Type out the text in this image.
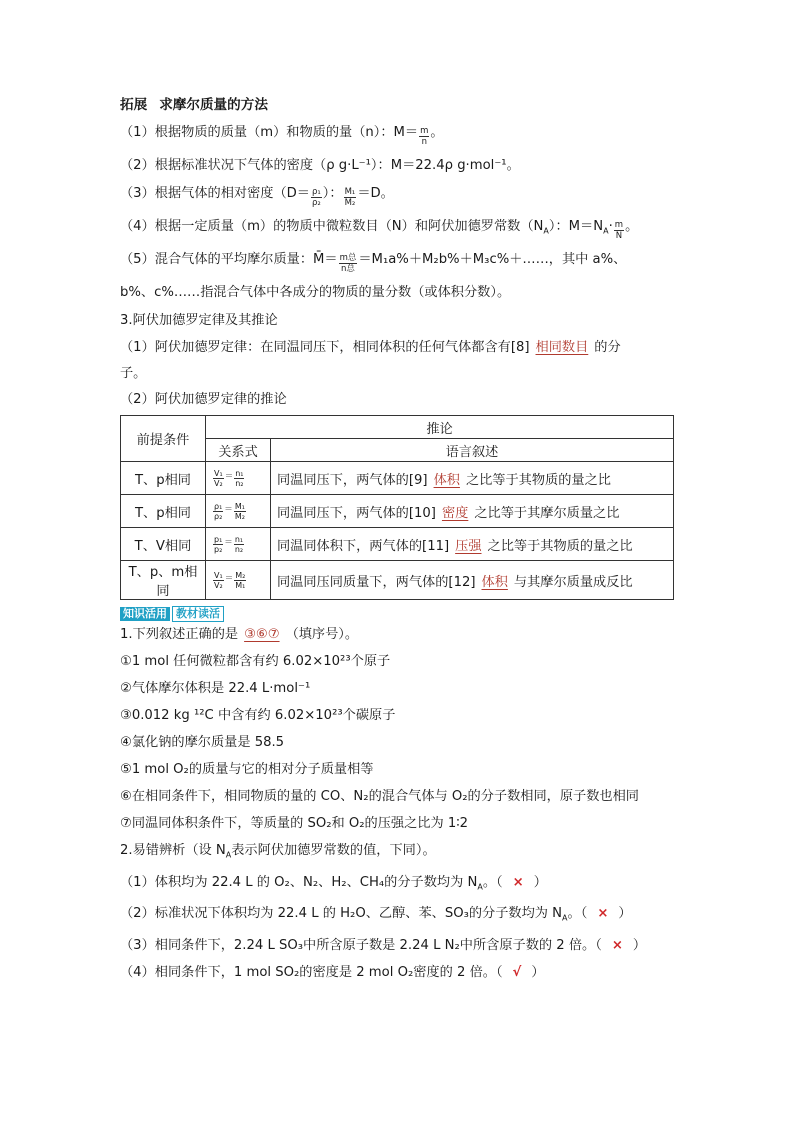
拓展 求摩尔质量的方法
（1）根据物质的质量（m）和物质的量（n）：$M= \frac{m}{n}$ 。
（2）根据标准状况下气体的密度（ρ g·L⁻¹）：M＝22.4ρ g·mol⁻¹。
（3）根据气体的相对密度（$D= \frac{\text{ρ₁}}{\text{ρ₂}}$ ）： $\frac{\text{M₁}}{\text{M₂}} =D$。
（4）根据一定质量（m）的物质中微粒数目（N）和阿伏加德罗常数$(N_A)$：$M=N_A\cdot \frac{m}{N}$ 。
（5）混合气体的平均摩尔质量：M̄＝ $\frac{\text{m总}}{\text{n总}}$ ＝M₁a%＋M₂b%＋M₃c%＋……，其中 a%、
b%、c%……指混合气体中各成分的物质的量分数（或体积分数）。
3.阿伏加德罗定律及其推论
（1）阿伏加德罗定律：在同温同压下，相同体积的任何气体都含有[8] 相同数目 的分
子。
（2）阿伏加德罗定律的推论
前提条件	推论	
	关系式	语言叙述
T、p相同	$\frac{\text{V₁}}{\text{V₂}} = \frac{\text{n₁}}{\text{n₂}}$	同温同压下，两气体的[9] 体积 之比等于其物质的量之比
T、p相同	$\frac{\text{ρ₁}}{\text{ρ₂}} = \frac{\text{M₁}}{\text{M₂}}$	同温同压下，两气体的[10] 密度 之比等于其摩尔质量之比
T、V相同	$\frac{\text{p₁}}{\text{p₂}} = \frac{\text{n₁}}{\text{n₂}}$	同温同体积下，两气体的[11] 压强 之比等于其物质的量之比
T、p、m相同	$\frac{\text{V₁}}{\text{V₂}} = \frac{\text{M₂}}{\text{M₁}}$	同温同压同质量下，两气体的[12] 体积 与其摩尔质量成反比
知识活用 教材读活
1.下列叙述正确的是 ③⑥⑦ （填序号）。
①1 mol 任何微粒都含有约 6.02×10²³个原子
②气体摩尔体积是 22.4 L·mol⁻¹
③0.012 kg ¹²C 中含有约 6.02×10²³个碳原子
④氯化钠的摩尔质量是 58.5
⑤1 mol O₂的质量与它的相对分子质量相等
⑥在相同条件下，相同物质的量的 CO、N₂的混合气体与 O₂的分子数相同，原子数也相同
⑦同温同体积条件下，等质量的 SO₂和 O₂的压强之比为 1∶2
2.易错辨析（设 $N_A$表示阿伏加德罗常数的值，下同）。
（1）体积均为 22.4 L 的 O₂、N₂、H₂、CH₄的分子数均为 $N_A$。（ × ）
（2）标准状况下体积均为 22.4 L 的 H₂O、乙醇、苯、SO₃的分子数均为 $N_A$。（ × ）
（3）相同条件下，2.24 L SO₃中所含原子数是 2.24 L N₂中所含原子数的 2 倍。（ × ）
（4）相同条件下，1 mol SO₂的密度是 2 mol O₂密度的 2 倍。（ √ ）
